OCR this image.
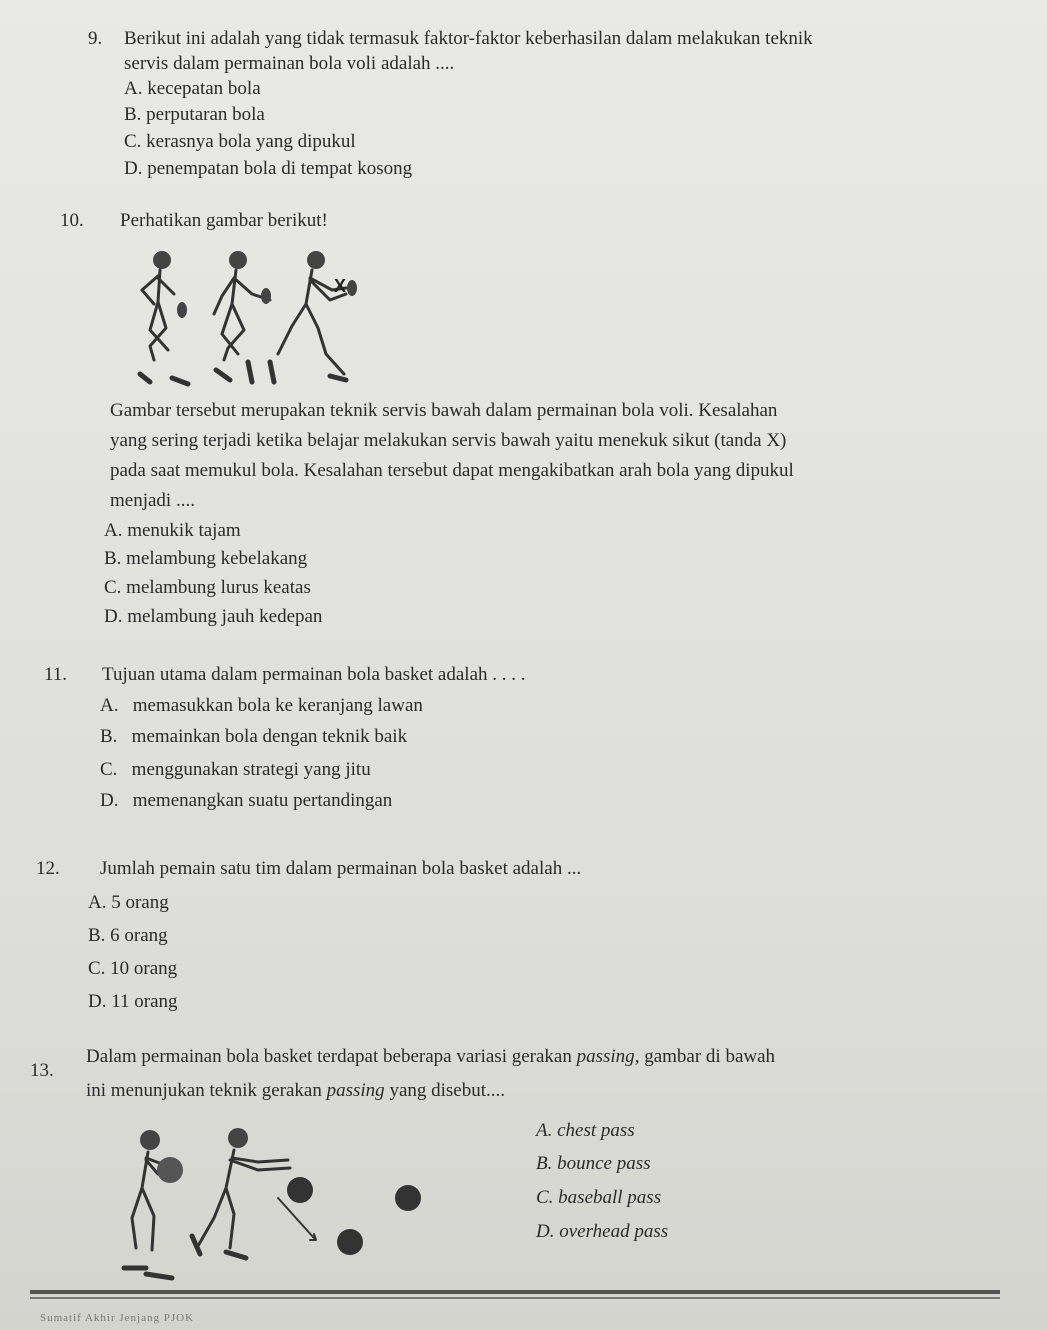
9. Berikut ini adalah yang tidak termasuk faktor-faktor keberhasilan dalam melakukan teknik
servis dalam permainan bola voli adalah ....
A. kecepatan bola
B. perputaran bola
C. kerasnya bola yang dipukul
D. penempatan bola di tempat kosong
10. Perhatikan gambar berikut!
X
Gambar tersebut merupakan teknik servis bawah dalam permainan bola voli. Kesalahan
yang sering terjadi ketika belajar melakukan servis bawah yaitu menekuk sikut (tanda X)
pada saat memukul bola. Kesalahan tersebut dapat mengakibatkan arah bola yang dipukul
menjadi ....
A. menukik tajam
B. melambung kebelakang
C. melambung lurus keatas
D. melambung jauh kedepan
11. Tujuan utama dalam permainan bola basket adalah . . . .
A.   memasukkan bola ke keranjang lawan
B.   memainkan bola dengan teknik baik
C.   menggunakan strategi yang jitu
D.   memenangkan suatu pertandingan
12. Jumlah pemain satu tim dalam permainan bola basket adalah ...
A. 5 orang
B. 6 orang
C. 10 orang
D. 11 orang
13.
Dalam permainan bola basket terdapat beberapa variasi gerakan passing, gambar di bawah
ini menunjukan teknik gerakan passing yang disebut....
A. chest pass
B. bounce pass
C. baseball pass
D. overhead pass
Sumatif Akhir Jenjang PJOK
